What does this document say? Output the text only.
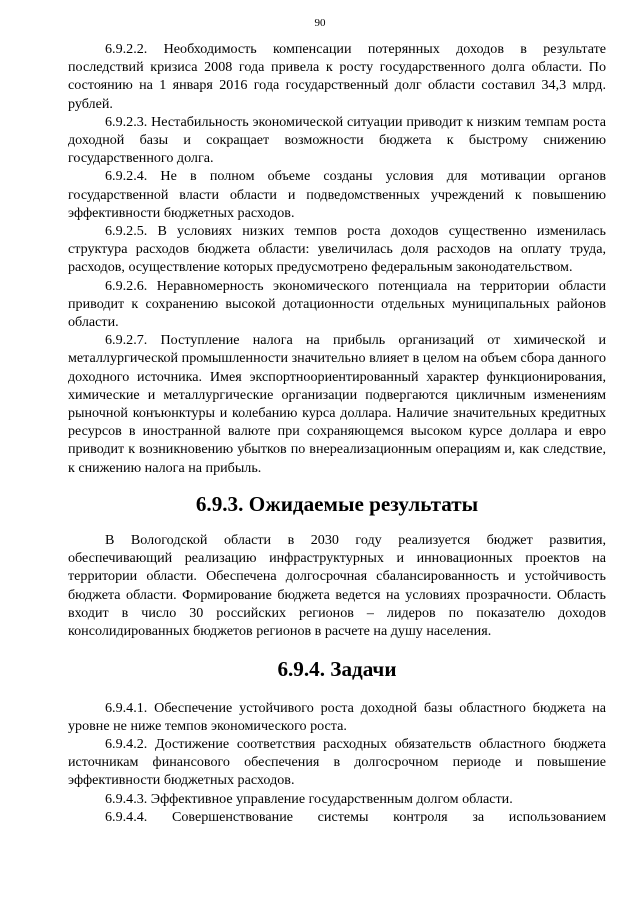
90

6.9.2.2. Необходимость компенсации потерянных доходов в результате последствий кризиса 2008 года привела к росту государственного долга области. По состоянию на 1 января 2016 года государственный долг области составил 34,3 млрд. рублей.

6.9.2.3. Нестабильность экономической ситуации приводит к низким темпам роста доходной базы и сокращает возможности бюджета к быстрому снижению государственного долга.

6.9.2.4. Не в полном объеме созданы условия для мотивации органов государственной власти области и подведомственных учреждений к повышению эффективности бюджетных расходов.

6.9.2.5. В условиях низких темпов роста доходов существенно изменилась структура расходов бюджета области: увеличилась доля расходов на оплату труда, расходов, осуществление которых предусмотрено федеральным законодательством.

6.9.2.6. Неравномерность экономического потенциала на территории области приводит к сохранению высокой дотационности отдельных муниципальных районов области.

6.9.2.7. Поступление налога на прибыль организаций от химической и металлургической промышленности значительно влияет в целом на объем сбора данного доходного источника. Имея экспортноориентированный характер функционирования, химические и металлургические организации подвергаются цикличным изменениям рыночной конъюнктуры и колебанию курса доллара. Наличие значительных кредитных ресурсов в иностранной валюте при сохраняющемся высоком курсе доллара и евро приводит к возникновению убытков по внереализационным операциям и, как следствие, к снижению налога на прибыль.

6.9.3. Ожидаемые результаты

В Вологодской области в 2030 году реализуется бюджет развития, обеспечивающий реализацию инфраструктурных и инновационных проектов на территории области. Обеспечена долгосрочная сбалансированность и устойчивость бюджета области. Формирование бюджета ведется на условиях прозрачности. Область входит в число 30 российских регионов – лидеров по показателю доходов консолидированных бюджетов регионов в расчете на душу населения.

6.9.4. Задачи

6.9.4.1. Обеспечение устойчивого роста доходной базы областного бюджета на уровне не ниже темпов экономического роста.

6.9.4.2. Достижение соответствия расходных обязательств областного бюджета источникам финансового обеспечения в долгосрочном периоде и повышение эффективности бюджетных расходов.

6.9.4.3. Эффективное управление государственным долгом области.

6.9.4.4. Совершенствование системы контроля за использованием
